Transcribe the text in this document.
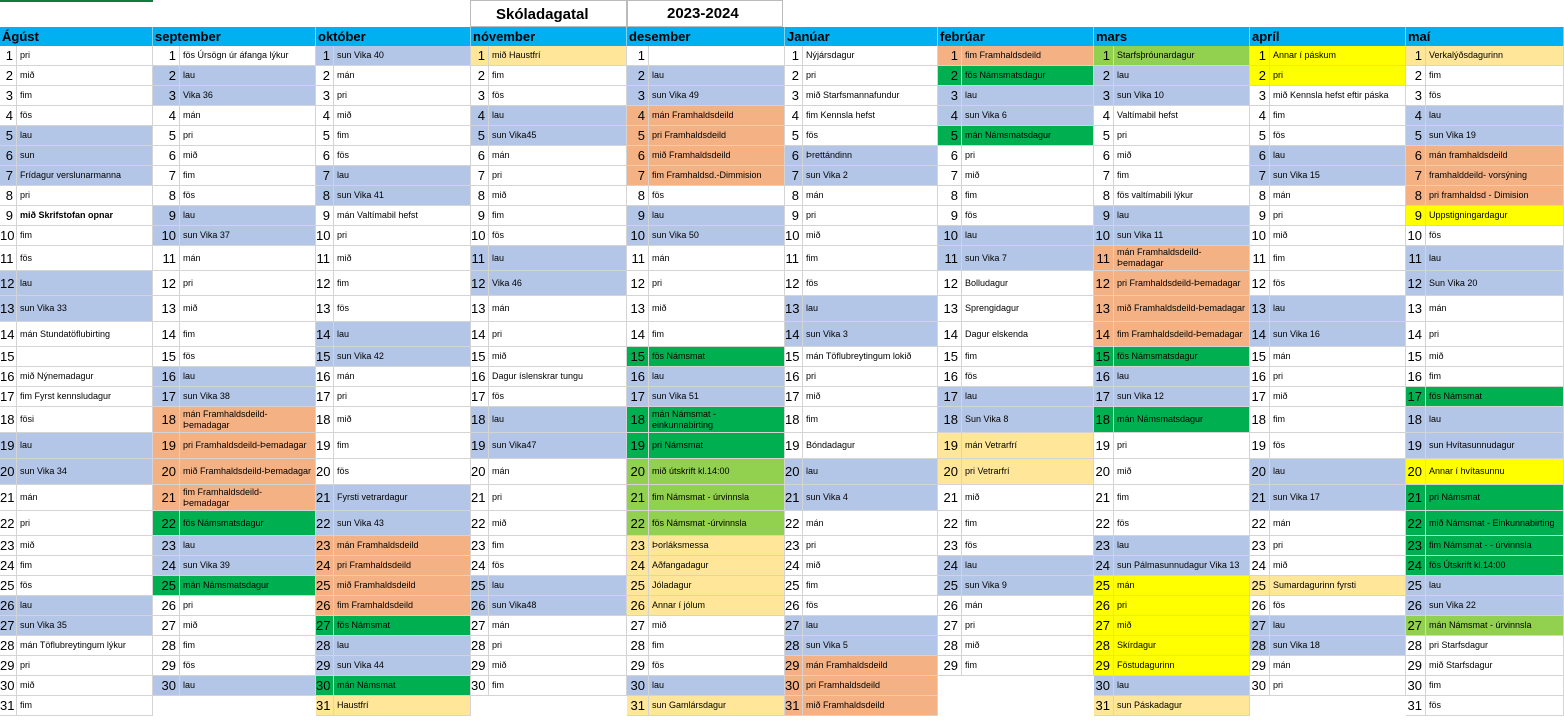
Skóladagatal	2023-2024
Ágúst
1 pri
2 mið
3 fim
4 fös
5 lau
6 sun
7 Frídagur verslunarmanna
8 pri
9 mið Skrifstofan opnar
10 fim
11 fös
12 lau
13 sun Vika 33
14 mán Stundatöflubirting
15
16 mið Nýnemadagur
17 fim Fyrst kennsludagur
18 fösi
19 lau
20 sun Vika 34
21 mán
22 pri
23 mið
24 fim
25 fös
26 lau
27 sun Vika 35
28 mán Töflubreytingum lýkur
29 pri
30 mið
31 fim
september
1 fös Úrsögn úr áfanga lýkur
2 lau
3 Vika 36
4 mán
5 pri
6 mið
7 fim
8 fös
9 lau
10 sun Vika 37
11 mán
12 pri
13 mið
14 fim
15 fös
16 lau
17 sun Vika 38
18 mán Framhaldsdeild-
Þemadagar
19 pri Framhaldsdeild-Þemadagar
20 mið Framhaldsdeild-Þemadagar
21 fim Framhaldsdeild-
Þemadagar
22 fös Námsmatsdagur
23 lau
24 sun Vika 39
25 mán Námsmatsdagur
26 pri
27 mið
28 fim
29 fös
30 lau
október
1 sun Vika 40
2 mán
3 pri
4 mið
5 fim
6 fös
7 lau
8 sun Vika 41
9 mán Valtímabil hefst
10 pri
11 mið
12 fim
13 fös
14 lau
15 sun Vika 42
16 mán
17 pri
18 mið
19 fim
20 fös
21 Fyrsti vetrardagur
22 sun Vika 43
23 mán Framhaldsdeild
24 pri Framhaldsdeild
25 mið Framhaldsdeild
26 fim Framhaldsdeild
27 fös Námsmat
28 lau
29 sun Vika 44
30 mán Námsmat
31 Haustfrí
nóvember
1 mið Haustfrí
2 fim
3 fös
4 lau
5 sun Vika45
6 mán
7 pri
8 mið
9 fim
10 fös
11 lau
12 Vika 46
13 mán
14 pri
15 mið
16 Dagur íslenskrar tungu
17 fös
18 lau
19 sun Vika47
20 mán
21 pri
22 mið
23 fim
24 fös
25 lau
26 sun Vika48
27 mán
28 pri
29 mið
30 fim
desember
1
2 lau
3 sun Vika 49
4 mán Framhaldsdeild
5 pri Framhaldsdeild
6 mið Framhaldsdeild
7 fim Framhaldsd.-Dimmision
8 fös
9 lau
10 sun Vika 50
11 mán
12 pri
13 mið
14 fim
15 fös Námsmat
16 lau
17 sun Vika 51
18 mán Námsmat -
einkunnabirting
19 pri Námsmat
20 mið útskrift kl.14:00
21 fim Námsmat - úrvinnsla
22 fös Námsmat -úrvinnsla
23 Þorláksmessa
24 Aðfangadagur
25 Jóladagur
26 Annar í jólum
27 mið
28 fim
29 fös
30 lau
31 sun Gamlársdagur
Janúar
1 Nýjársdagur
2 pri
3 mið Starfsmannafundur
4 fim Kennsla hefst
5 fös
6 Þrettándinn
7 sun Vika 2
8 mán
9 pri
10 mið
11 fim
12 fös
13 lau
14 sun Vika 3
15 mán Töflubreytingum lokið
16 pri
17 mið
18 fim
19 Bóndadagur
20 lau
21 sun Vika 4
22 mán
23 pri
24 mið
25 fim
26 fös
27 lau
28 sun Vika 5
29 mán Framhaldsdeild
30 pri Framhaldsdeild
31 mið Framhaldsdeild
febrúar
1 fim Framhaldsdeild
2 fös Námsmatsdagur
3 lau
4 sun Vika 6
5 mán Námsmatsdagur
6 pri
7 mið
8 fim
9 fös
10 lau
11 sun Vika 7
12 Bolludagur
13 Sprengidagur
14 Dagur elskenda
15 fim
16 fös
17 lau
18 Sun Vika 8
19 mán Vetrarfrí
20 pri Vetrarfrí
21 mið
22 fim
23 fös
24 lau
25 sun Vika 9
26 mán
27 pri
28 mið
29 fim
mars
1 Starfsþróunardagur
2 lau
3 sun Vika 10
4 Valtímabil hefst
5 pri
6 mið
7 fim
8 fös valtímabili lýkur
9 lau
10 sun Vika 11
11 mán Framhaldsdeild-
Þemadagar
12 pri Framhaldsdeild-Þemadagar
13 mið Framhaldsdeild-Þemadagar
14 fim Framhaldsdeild-Þemadagar
15 fös Námsmatsdagur
16 lau
17 sun Vika 12
18 mán Námsmatsdagur
19 pri
20 mið
21 fim
22 fös
23 lau
24 sun Pálmasunnudagur Vika 13
25 mán
26 pri
27 mið
28 Skírdagur
29 Föstudagurinn
30 lau
31 sun Páskadagur
apríl
1 Annar í páskum
2 pri
3 mið Kennsla hefst eftir páska
4 fim
5 fös
6 lau
7 sun Vika 15
8 mán
9 pri
10 mið
11 fim
12 fös
13 lau
14 sun Vika 16
15 mán
16 pri
17 mið
18 fim
19 fös
20 lau
21 sun Vika 17
22 mán
23 pri
24 mið
25 Sumardagurinn fyrsti
26 fös
27 lau
28 sun Vika 18
29 mán
30 pri
maí
1 Verkalýðsdagurinn
2 fim
3 fös
4 lau
5 sun Vika 19
6 mán framhaldsdeild
7 framhalddeild- vorsýning
8 pri framhaldsd - Dimision
9 Uppstigningardagur
10 fös
11 lau
12 Sun Vika 20
13 mán
14 pri
15 mið
16 fim
17 fös Námsmat
18 lau
19 sun Hvítasunnudagur
20 Annar í hvítasunnu
21 pri Námsmat
22 mið Námsmat - Einkunnabirting
23 fim Námsmat - - úrvinnsla
24 fös Útskrift kl.14:00
25 lau
26 sun Vika 22
27 mán Námsmat - úrvinnsla
28 pri Starfsdagur
29 mið Starfsdagur
30 fim
31 fös
